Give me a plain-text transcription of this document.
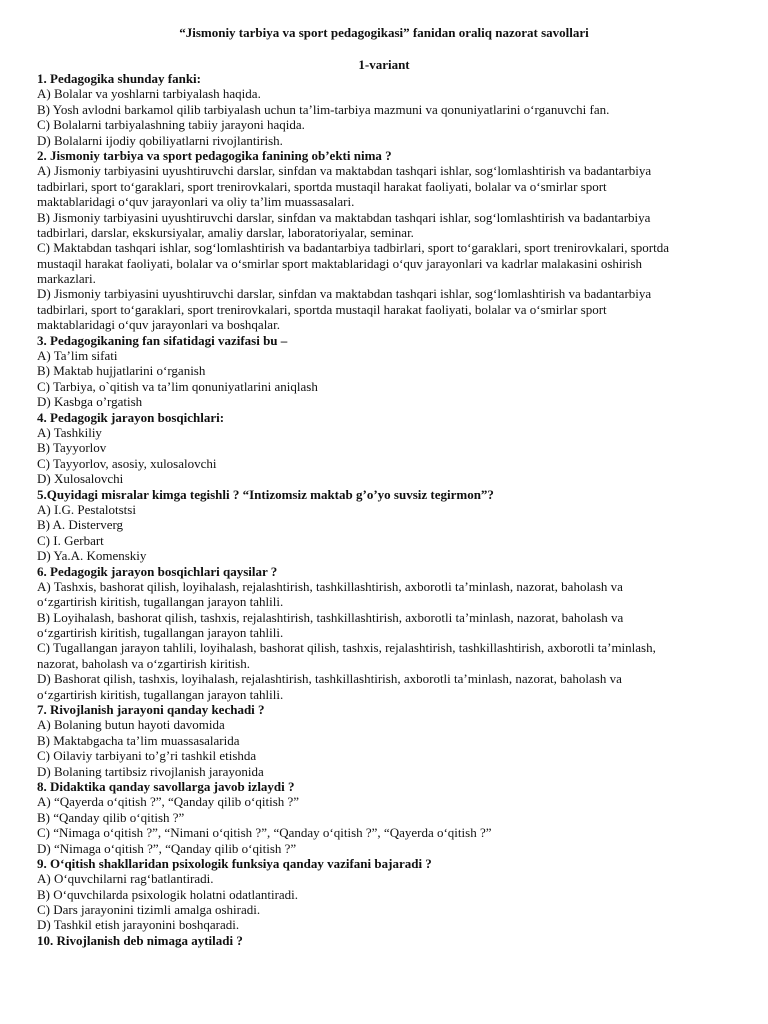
“Jismoniy tarbiya va sport pedagogikasi” fanidan oraliq nazorat savollari
1-variant
1. Pedagogika shunday fanki:
A) Bolalar va yoshlarni tarbiyalash haqida.
B) Yosh avlodni barkamol qilib tarbiyalash uchun ta’lim-tarbiya mazmuni va qonuniyatlarini o‘rganuvchi fan.
C) Bolalarni tarbiyalashning tabiiy jarayoni haqida.
D) Bolalarni ijodiy qobiliyatlarni rivojlantirish.
2. Jismoniy tarbiya va sport pedagogika fanining ob’ekti nima ?
A) Jismoniy tarbiyasini uyushtiruvchi darslar, sinfdan va maktabdan tashqari ishlar, sog‘lomlashtirish va badantarbiya
tadbirlari, sport to‘garaklari, sport trenirovkalari, sportda mustaqil harakat faoliyati, bolalar va o‘smirlar sport
maktablaridagi o‘quv jarayonlari va oliy ta’lim muassasalari.
B) Jismoniy tarbiyasini uyushtiruvchi darslar, sinfdan va maktabdan tashqari ishlar, sog‘lomlashtirish va badantarbiya
tadbirlari, darslar, ekskursiyalar, amaliy darslar, laboratoriyalar, seminar.
C) Maktabdan tashqari ishlar, sog‘lomlashtirish va badantarbiya tadbirlari, sport to‘garaklari, sport trenirovkalari, sportda
mustaqil harakat faoliyati, bolalar va o‘smirlar sport maktablaridagi o‘quv jarayonlari va kadrlar malakasini oshirish
markazlari.
D) Jismoniy tarbiyasini uyushtiruvchi darslar, sinfdan va maktabdan tashqari ishlar, sog‘lomlashtirish va badantarbiya
tadbirlari, sport to‘garaklari, sport trenirovkalari, sportda mustaqil harakat faoliyati, bolalar va o‘smirlar sport
maktablaridagi o‘quv jarayonlari va boshqalar.
3. Pedagogikaning fan sifatidagi vazifasi bu –
A) Ta’lim sifati
B) Maktab hujjatlarini o‘rganish
C) Tarbiya, o`qitish va ta’lim qonuniyatlarini aniqlash
D) Kasbga o’rgatish
4. Pedagogik jarayon bosqichlari:
A) Tashkiliy
B) Tayyorlov
C) Tayyorlov, asosiy, xulosalovchi
D) Xulosalovchi
5.Quyidagi misralar kimga tegishli ? “Intizomsiz maktab g’o’yo suvsiz tegirmon”?
A) I.G. Pestalotstsi
B) A. Disterverg
C) I. Gerbart
D) Ya.A. Komenskiy
6. Pedagogik jarayon bosqichlari qaysilar ?
A) Tashxis, bashorat qilish, loyihalash, rejalashtirish, tashkillashtirish, axborotli ta’minlash, nazorat, baholash va
o‘zgartirish kiritish, tugallangan jarayon tahlili.
B) Loyihalash, bashorat qilish, tashxis, rejalashtirish, tashkillashtirish, axborotli ta’minlash, nazorat, baholash va
o‘zgartirish kiritish, tugallangan jarayon tahlili.
C) Tugallangan jarayon tahlili, loyihalash, bashorat qilish, tashxis, rejalashtirish, tashkillashtirish, axborotli ta’minlash,
nazorat, baholash va o‘zgartirish kiritish.
D) Bashorat qilish, tashxis, loyihalash, rejalashtirish, tashkillashtirish, axborotli ta’minlash, nazorat, baholash va
o‘zgartirish kiritish, tugallangan jarayon tahlili.
7. Rivojlanish jarayoni qanday kechadi ?
A) Bolaning butun hayoti davomida
B) Maktabgacha ta’lim muassasalarida
C) Oilaviy tarbiyani to’g’ri tashkil etishda
D) Bolaning tartibsiz rivojlanish jarayonida
8. Didaktika qanday savollarga javob izlaydi ?
A) “Qayerda o‘qitish ?”, “Qanday qilib o‘qitish ?”
B) “Qanday qilib o‘qitish ?”
C) “Nimaga o‘qitish ?”, “Nimani o‘qitish ?”, “Qanday o‘qitish ?”, “Qayerda o‘qitish ?”
D) “Nimaga o‘qitish ?”, “Qanday qilib o‘qitish ?”
9. O‘qitish shakllaridan psixologik funksiya qanday vazifani bajaradi ?
A) O‘quvchilarni rag‘batlantiradi.
B) O‘quvchilarda psixologik holatni odatlantiradi.
C) Dars jarayonini tizimli amalga oshiradi.
D) Tashkil etish jarayonini boshqaradi.
10. Rivojlanish deb nimaga aytiladi ?
